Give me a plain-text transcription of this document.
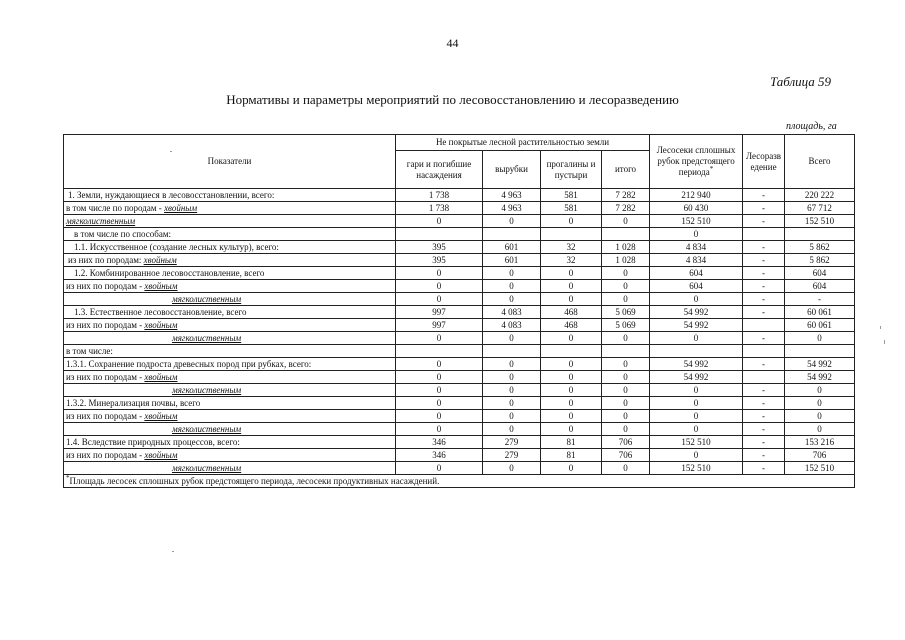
44
Таблица 59
Нормативы и параметры мероприятий по лесовосстановлению и лесоразведению
площадь, га
Показатели	Не покрытые лесной растительностью земли				Лесосеки сплошных рубок предстоящего периода*	Лесоразведение	Всего
	гари и погибшие насаждения	вырубки	прогалины и пустыри	итого			
1. Земли, нуждающиеся в лесовосстановлении, всего:	1 738	4 963	581	7 282	212 940	-	220 222
в том числе по породам - хвойным	1 738	4 963	581	7 282	60 430	-	67 712
мягколиственным	0	0	0	0	152 510	-	152 510
в том числе по способам:					0		
1.1. Искусственное (создание лесных культур), всего:	395	601	32	1 028	4 834	-	5 862
из них по породам: хвойным	395	601	32	1 028	4 834	-	5 862
1.2. Комбинированное лесовосстановление, всего	0	0	0	0	604	-	604
из них по породам - хвойным	0	0	0	0	604	-	604
мягколиственным	0	0	0	0	0	-	-
1.3. Естественное лесовосстановление, всего	997	4 083	468	5 069	54 992	-	60 061
из них по породам - хвойным	997	4 083	468	5 069	54 992		60 061
мягколиственным	0	0	0	0	0	-	0
в том числе:							
1.3.1. Сохранение подроста древесных пород при рубках, всего:	0	0	0	0	54 992	-	54 992
из них по породам - хвойным	0	0	0	0	54 992		54 992
мягколиственным	0	0	0	0	0	-	0
1.3.2. Минерализация почвы, всего	0	0	0	0	0	-	0
из них по породам - хвойным	0	0	0	0	0	-	0
мягколиственным	0	0	0	0	0	-	0
1.4. Вследствие природных процессов, всего:	346	279	81	706	152 510	-	153 216
из них по породам - хвойным	346	279	81	706	0	-	706
мягколиственным	0	0	0	0	152 510	-	152 510
*Площадь лесосек сплошных рубок предстоящего периода, лесосеки продуктивных насаждений.							
